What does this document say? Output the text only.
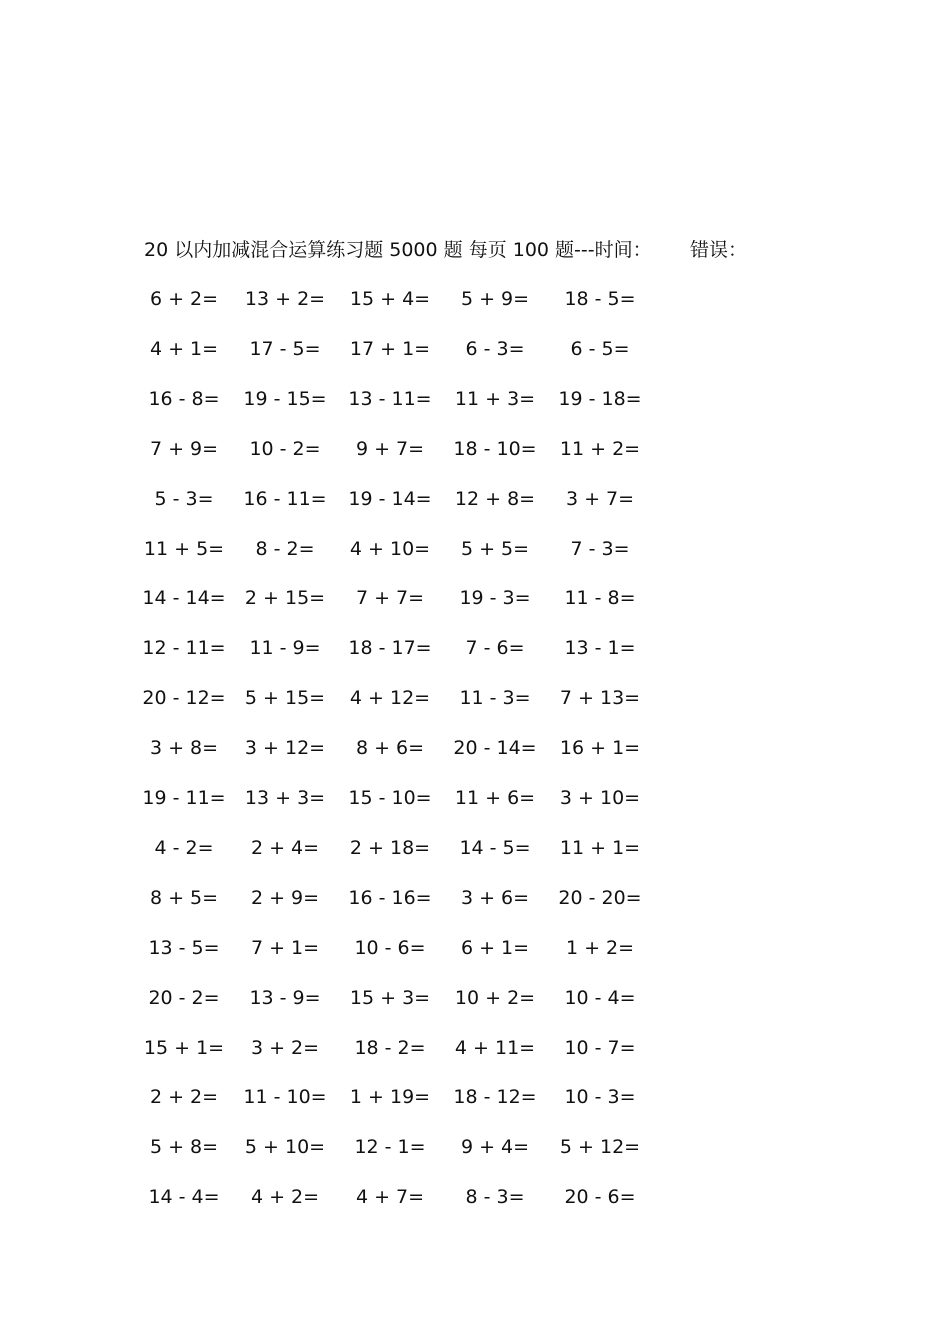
20 以内加减混合运算练习题 5000 题 每页 100 题---时间： 错误：
6 + 2=	13 + 2=	15 + 4=	5 + 9=	18 - 5=
4 + 1=	17 - 5=	17 + 1=	6 - 3=	6 - 5=
16 - 8=	19 - 15=	13 - 11=	11 + 3=	19 - 18=
7 + 9=	10 - 2=	9 + 7=	18 - 10=	11 + 2=
5 - 3=	16 - 11=	19 - 14=	12 + 8=	3 + 7=
11 + 5=	8 - 2=	4 + 10=	5 + 5=	7 - 3=
14 - 14=	2 + 15=	7 + 7=	19 - 3=	11 - 8=
12 - 11=	11 - 9=	18 - 17=	7 - 6=	13 - 1=
20 - 12=	5 + 15=	4 + 12=	11 - 3=	7 + 13=
3 + 8=	3 + 12=	8 + 6=	20 - 14=	16 + 1=
19 - 11=	13 + 3=	15 - 10=	11 + 6=	3 + 10=
4 - 2=	2 + 4=	2 + 18=	14 - 5=	11 + 1=
8 + 5=	2 + 9=	16 - 16=	3 + 6=	20 - 20=
13 - 5=	7 + 1=	10 - 6=	6 + 1=	1 + 2=
20 - 2=	13 - 9=	15 + 3=	10 + 2=	10 - 4=
15 + 1=	3 + 2=	18 - 2=	4 + 11=	10 - 7=
2 + 2=	11 - 10=	1 + 19=	18 - 12=	10 - 3=
5 + 8=	5 + 10=	12 - 1=	9 + 4=	5 + 12=
14 - 4=	4 + 2=	4 + 7=	8 - 3=	20 - 6=
